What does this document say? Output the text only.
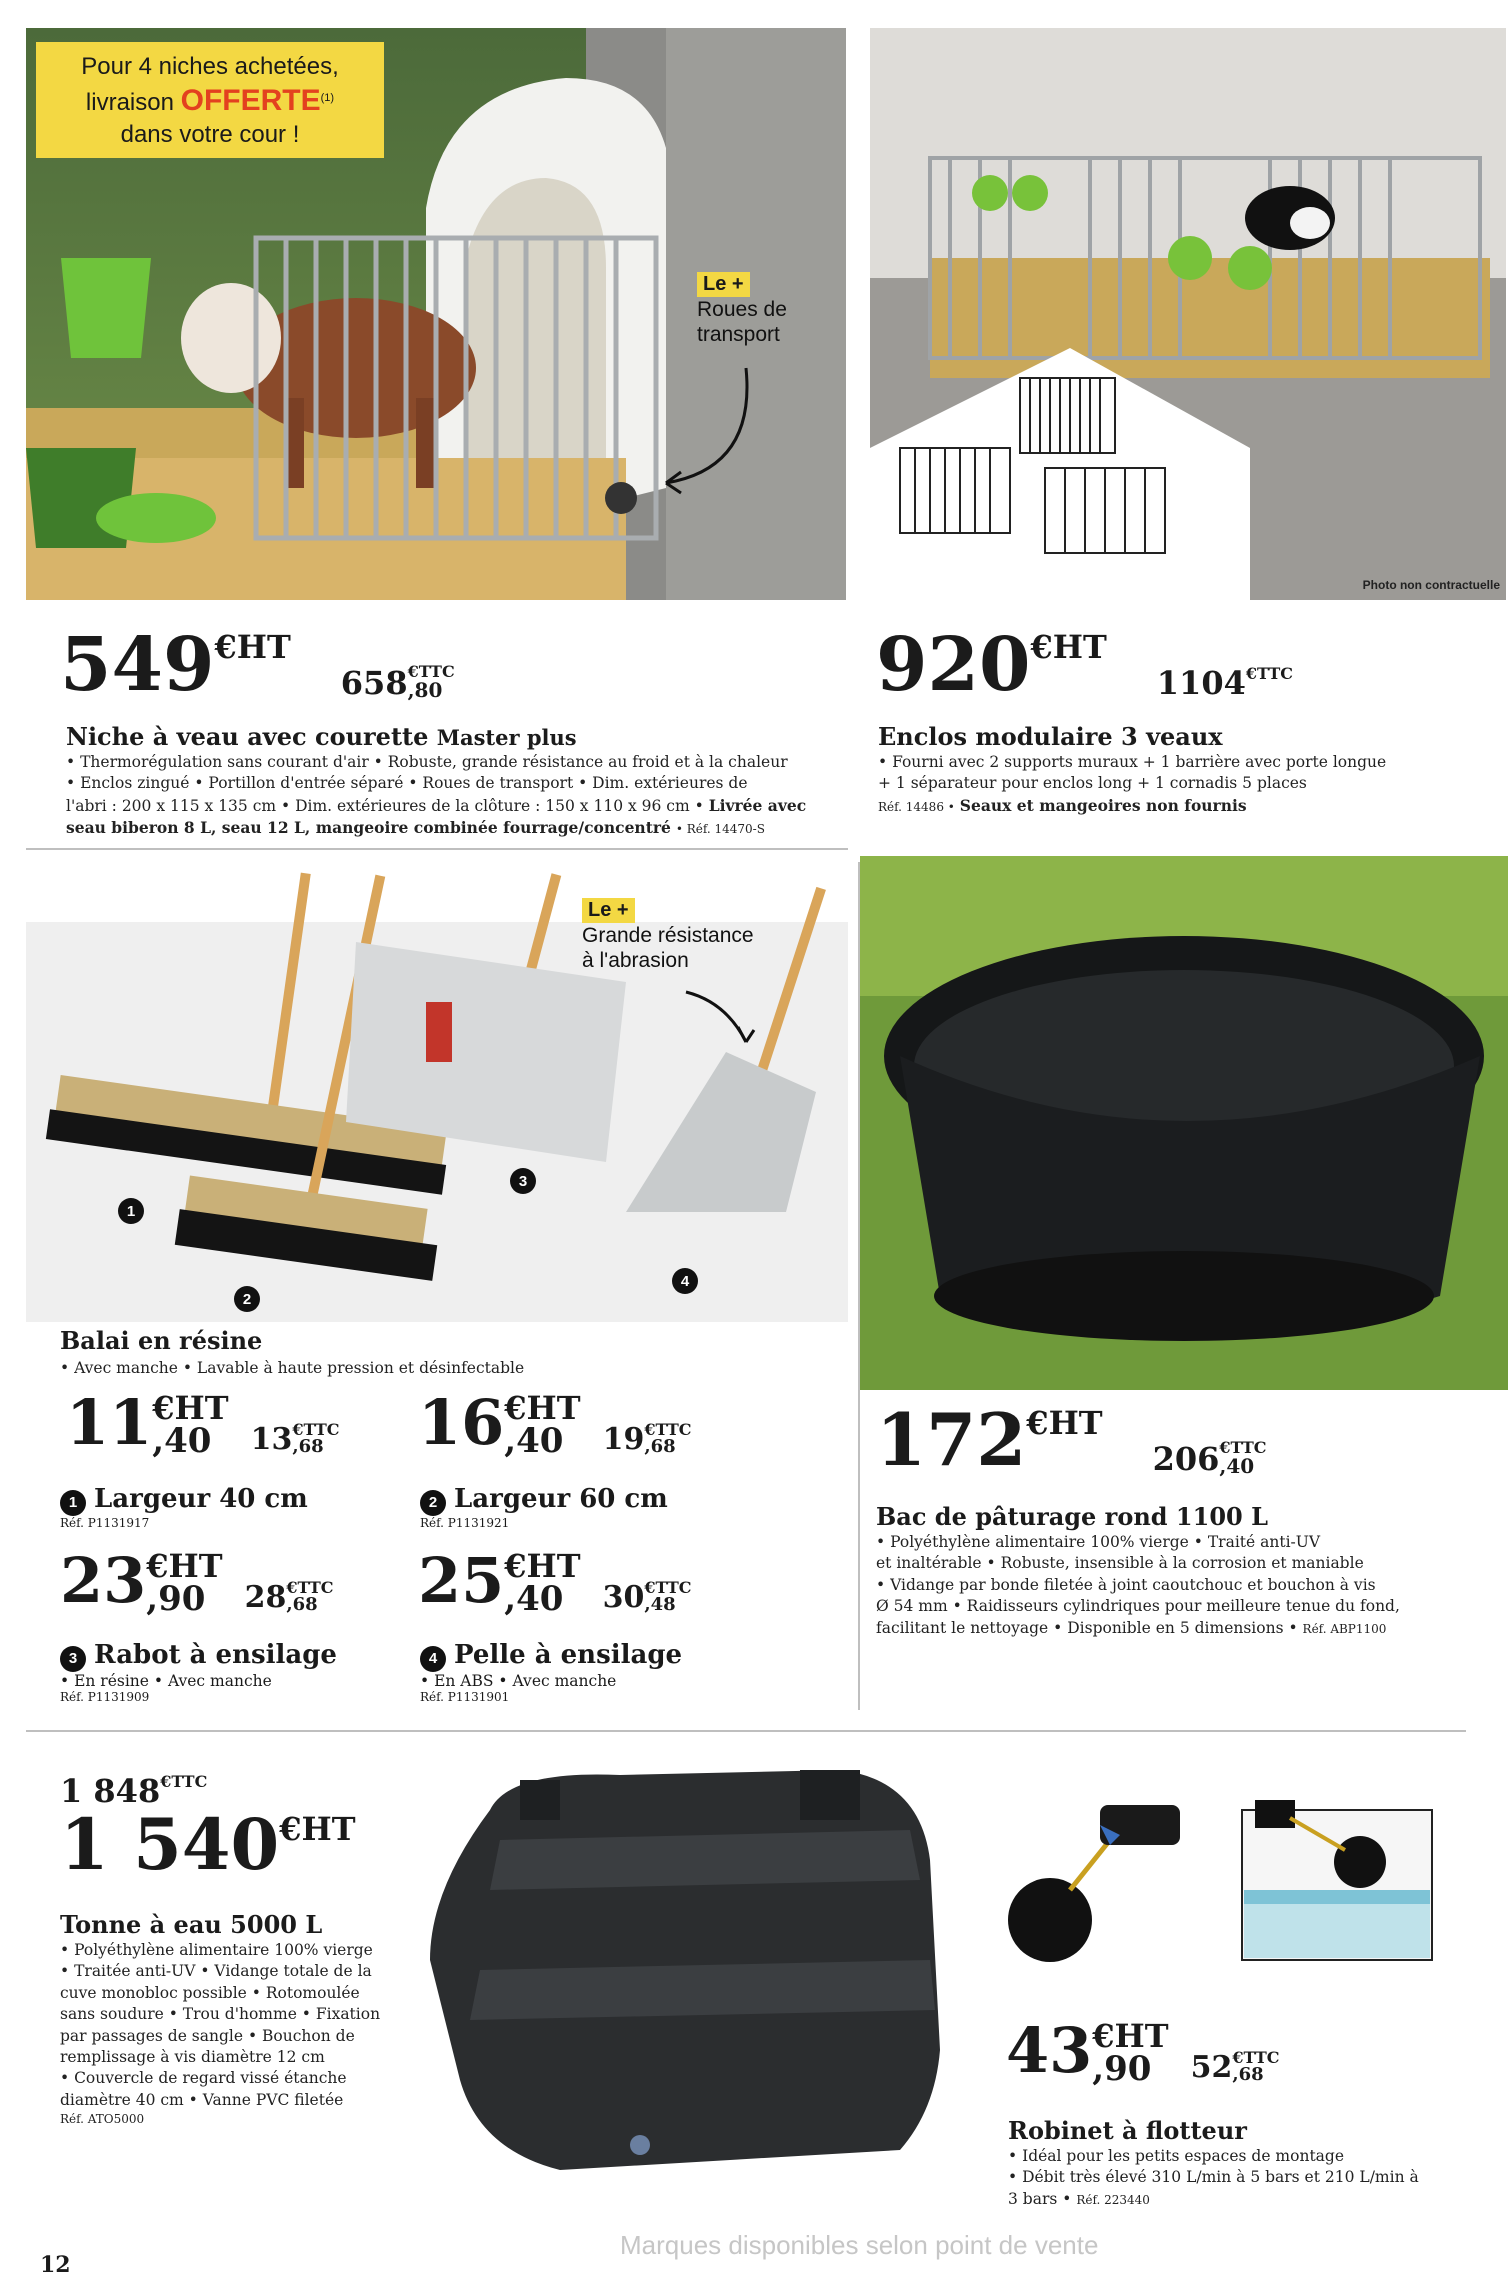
Pour 4 niches achetées,
livraison OFFERTE$^{(1)}$
dans votre cour !
Le +
Roues de
transport
549€HT
658 €TTC
,80
Niche à veau avec courette Master plus
• Thermorégulation sans courant d'air • Robuste, grande résistance au froid et à la chaleur
• Enclos zingué • Portillon d'entrée séparé • Roues de transport • Dim. extérieures de
l'abri : 200 x 115 x 135 cm • Dim. extérieures de la clôture : 150 x 110 x 96 cm • Livrée avec
seau biberon 8 L, seau 12 L, mangeoire combinée fourrage/concentré • Réf. 14470-S
Photo non contractuelle
920€HT
$1104^{€TTC}$
Enclos modulaire 3 veaux
• Fourni avec 2 supports muraux + 1 barrière avec porte longue
+ 1 séparateur pour enclos long + 1 cornadis 5 places
Réf. 14486 • Seaux et mangeoires non fournis
1
2
3
4
Le +
Grande résistance
à l'abrasion
Balai en résine
• Avec manche • Lavable à haute pression et désinfectable
11 €HT
,40	13 €TTC
,68
1 Largeur 40 cm
Réf. P1131917
16 €HT
,40	19 €TTC
,68
2 Largeur 60 cm
Réf. P1131921
23 €HT
,90	28 €TTC
,68
3 Rabot à ensilage
• En résine • Avec manche
Réf. P1131909
25 €HT
,40	30 €TTC
,48
4 Pelle à ensilage
• En ABS • Avec manche
Réf. P1131901
172€HT
206 €TTC
,40
Bac de pâturage rond 1100 L
• Polyéthylène alimentaire 100% vierge • Traité anti-UV
et inaltérable • Robuste, insensible à la corrosion et maniable
• Vidange par bonde filetée à joint caoutchouc et bouchon à vis
Ø 54 mm • Raidisseurs cylindriques pour meilleure tenue du fond,
facilitant le nettoyage • Disponible en 5 dimensions • Réf. ABP1100
1 $848^{€TTC}$
1 540€HT
Tonne à eau 5000 L
• Polyéthylène alimentaire 100% vierge
• Traitée anti-UV • Vidange totale de la
cuve monobloc possible • Rotomoulée
sans soudure • Trou d'homme • Fixation
par passages de sangle • Bouchon de
remplissage à vis diamètre 12 cm
• Couvercle de regard vissé étanche
diamètre 40 cm • Vanne PVC filetée
Réf. ATO5000
43 €HT
,90	52 €TTC
,68
Robinet à flotteur
• Idéal pour les petits espaces de montage
• Débit très élevé 310 L/min à 5 bars et 210 L/min à
3 bars • Réf. 223440
12
Marques disponibles selon point de vente
